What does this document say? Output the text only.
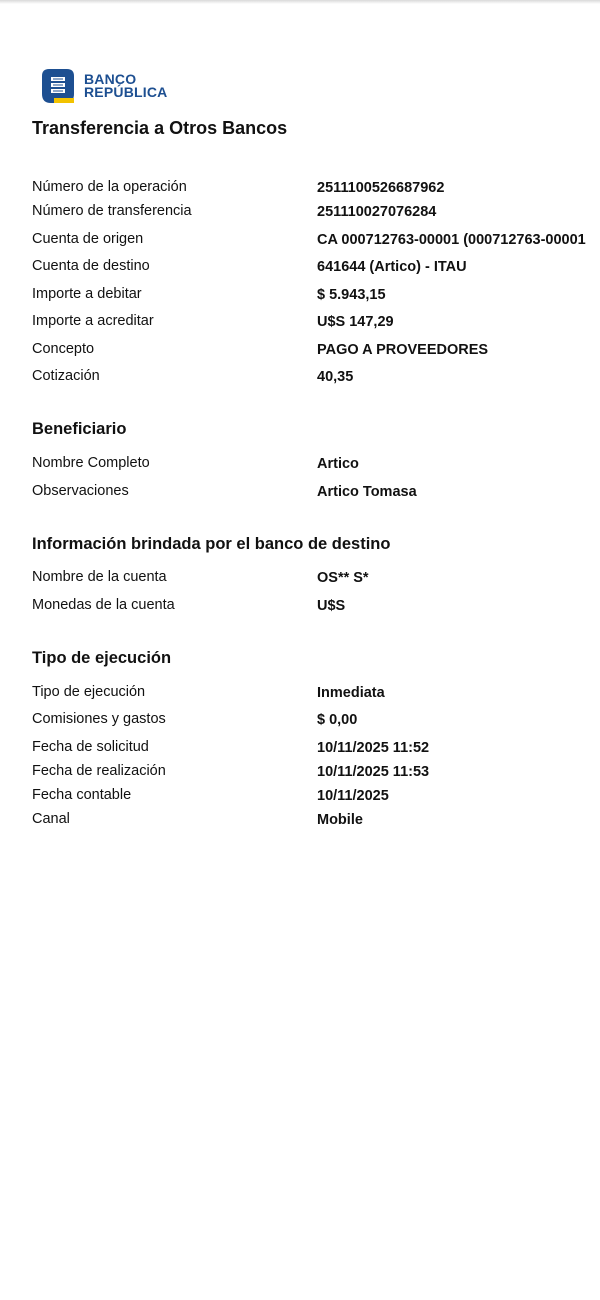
BANCO
REPÚBLICA
Transferencia a Otros Bancos
Número de la operación	2511100526687962
Número de transferencia	251110027076284
Cuenta de origen	CA 000712763-00001 (000712763-00001
Cuenta de destino	641644 (Artico) - ITAU
Importe a debitar	$ 5.943,15
Importe a acreditar	U$S 147,29
Concepto	PAGO A PROVEEDORES
Cotización	40,35
Beneficiario
Nombre Completo	Artico
Observaciones	Artico Tomasa
Información brindada por el banco de destino
Nombre de la cuenta	OS** S*
Monedas de la cuenta	U$S
Tipo de ejecución
Tipo de ejecución	Inmediata
Comisiones y gastos	$ 0,00
Fecha de solicitud	10/11/2025 11:52
Fecha de realización	10/11/2025 11:53
Fecha contable	10/11/2025
Canal	Mobile
